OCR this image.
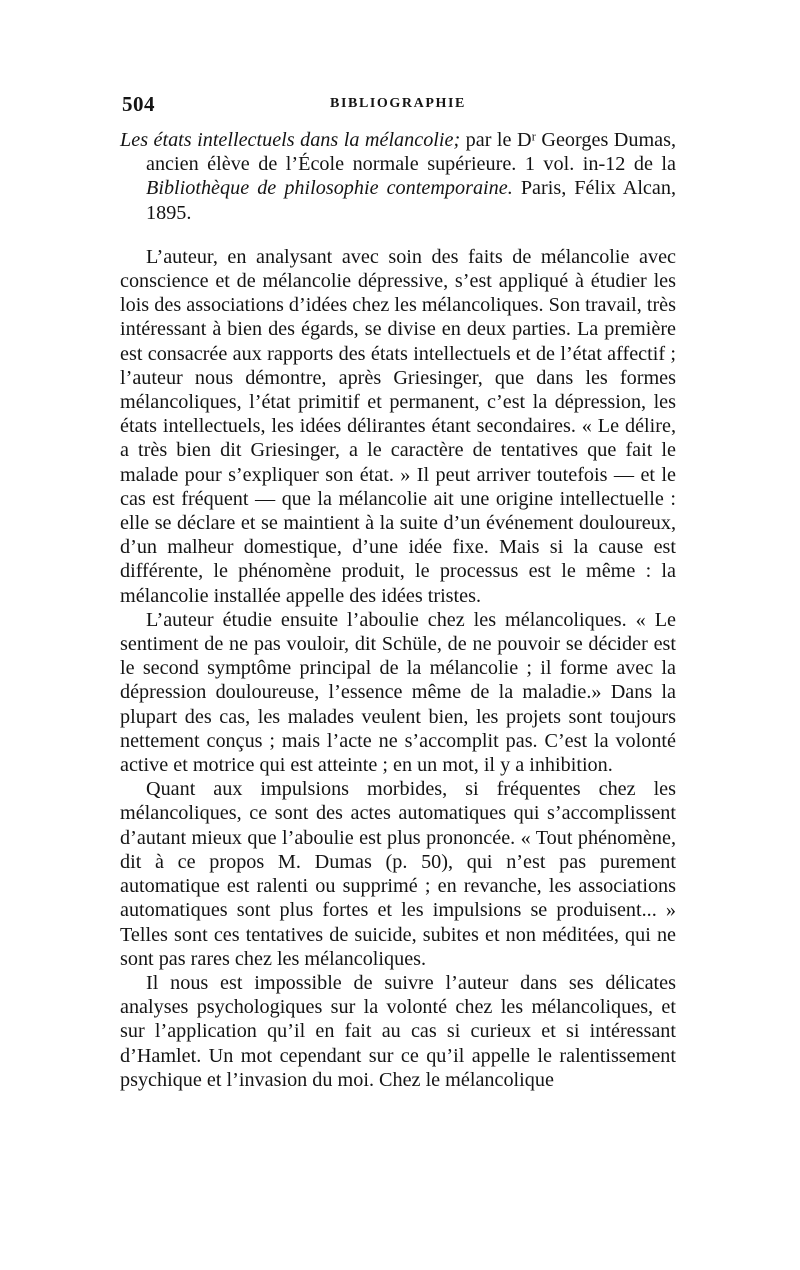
504	BIBLIOGRAPHIE

Les états intellectuels dans la mélancolie; par le Dʳ Georges Dumas, ancien élève de l’École normale supérieure. 1 vol. in-12 de la Bibliothèque de philosophie contemporaine. Paris, Félix Alcan, 1895.

L’auteur, en analysant avec soin des faits de mélancolie avec conscience et de mélancolie dépressive, s’est appliqué à étudier les lois des associations d’idées chez les mélancoliques. Son travail, très intéressant à bien des égards, se divise en deux parties. La première est consacrée aux rapports des états intellectuels et de l’état affectif ; l’auteur nous démontre, après Griesinger, que dans les formes mélancoliques, l’état primitif et permanent, c’est la dépression, les états intellectuels, les idées délirantes étant secondaires. « Le délire, a très bien dit Griesinger, a le caractère de tentatives que fait le malade pour s’expliquer son état. » Il peut arriver toutefois — et le cas est fréquent — que la mélancolie ait une origine intellectuelle : elle se déclare et se maintient à la suite d’un événement douloureux, d’un malheur domestique, d’une idée fixe. Mais si la cause est différente, le phénomène produit, le processus est le même : la mélancolie installée appelle des idées tristes.

L’auteur étudie ensuite l’aboulie chez les mélancoliques. « Le sentiment de ne pas vouloir, dit Schüle, de ne pouvoir se décider est le second symptôme principal de la mélancolie ; il forme avec la dépression douloureuse, l’essence même de la maladie.» Dans la plupart des cas, les malades veulent bien, les projets sont toujours nettement conçus ; mais l’acte ne s’accomplit pas. C’est la volonté active et motrice qui est atteinte ; en un mot, il y a inhibition.

Quant aux impulsions morbides, si fréquentes chez les mélancoliques, ce sont des actes automatiques qui s’accomplissent d’autant mieux que l’aboulie est plus prononcée. « Tout phénomène, dit à ce propos M. Dumas (p. 50), qui n’est pas purement automatique est ralenti ou supprimé ; en revanche, les associations automatiques sont plus fortes et les impulsions se produisent... » Telles sont ces tentatives de suicide, subites et non méditées, qui ne sont pas rares chez les mélancoliques.

Il nous est impossible de suivre l’auteur dans ses délicates analyses psychologiques sur la volonté chez les mélancoliques, et sur l’application qu’il en fait au cas si curieux et si intéressant d’Hamlet. Un mot cependant sur ce qu’il appelle le ralentissement psychique et l’invasion du moi. Chez le mélancolique
